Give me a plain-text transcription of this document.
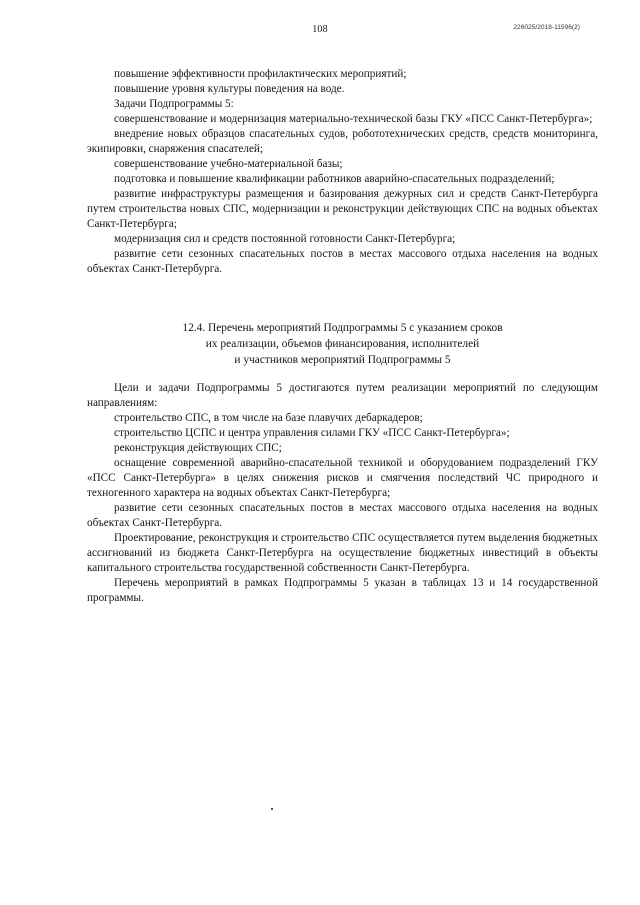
108	226025/2018-11596(2)

повышение эффективности профилактических мероприятий;

повышение уровня культуры поведения на воде.

Задачи Подпрограммы 5:

совершенствование и модернизация материально-технической базы ГКУ «ПСС Санкт-Петербурга»;

внедрение новых образцов спасательных судов, робототехнических средств, средств мониторинга, экипировки, снаряжения спасателей;

совершенствование учебно-материальной базы;

подготовка и повышение квалификации работников аварийно-спасательных подразделений;

развитие инфраструктуры размещения и базирования дежурных сил и средств Санкт-Петербурга путем строительства новых СПС, модернизации и реконструкции действующих СПС на водных объектах Санкт-Петербурга;

модернизация сил и средств постоянной готовности Санкт-Петербурга;

развитие сети сезонных спасательных постов в местах массового отдыха населения на водных объектах Санкт-Петербурга.

12.4. Перечень мероприятий Подпрограммы 5 с указанием сроков

их реализации, объемов финансирования, исполнителей

и участников мероприятий Подпрограммы 5

Цели и задачи Подпрограммы 5 достигаются путем реализации мероприятий по следующим направлениям:

строительство СПС, в том числе на базе плавучих дебаркадеров;

строительство ЦСПС и центра управления силами ГКУ «ПСС Санкт-Петербурга»;

реконструкция действующих СПС;

оснащение современной аварийно-спасательной техникой и оборудованием подразделений ГКУ «ПСС Санкт-Петербурга» в целях снижения рисков и смягчения последствий ЧС природного и техногенного характера на водных объектах Санкт-Петербурга;

развитие сети сезонных спасательных постов в местах массового отдыха населения на водных объектах Санкт-Петербурга.

Проектирование, реконструкция и строительство СПС осуществляется путем выделения бюджетных ассигнований из бюджета Санкт-Петербурга на осуществление бюджетных инвестиций в объекты капитального строительства государственной собственности Санкт-Петербурга.

Перечень мероприятий в рамках Подпрограммы 5 указан в таблицах 13 и 14 государственной программы.
